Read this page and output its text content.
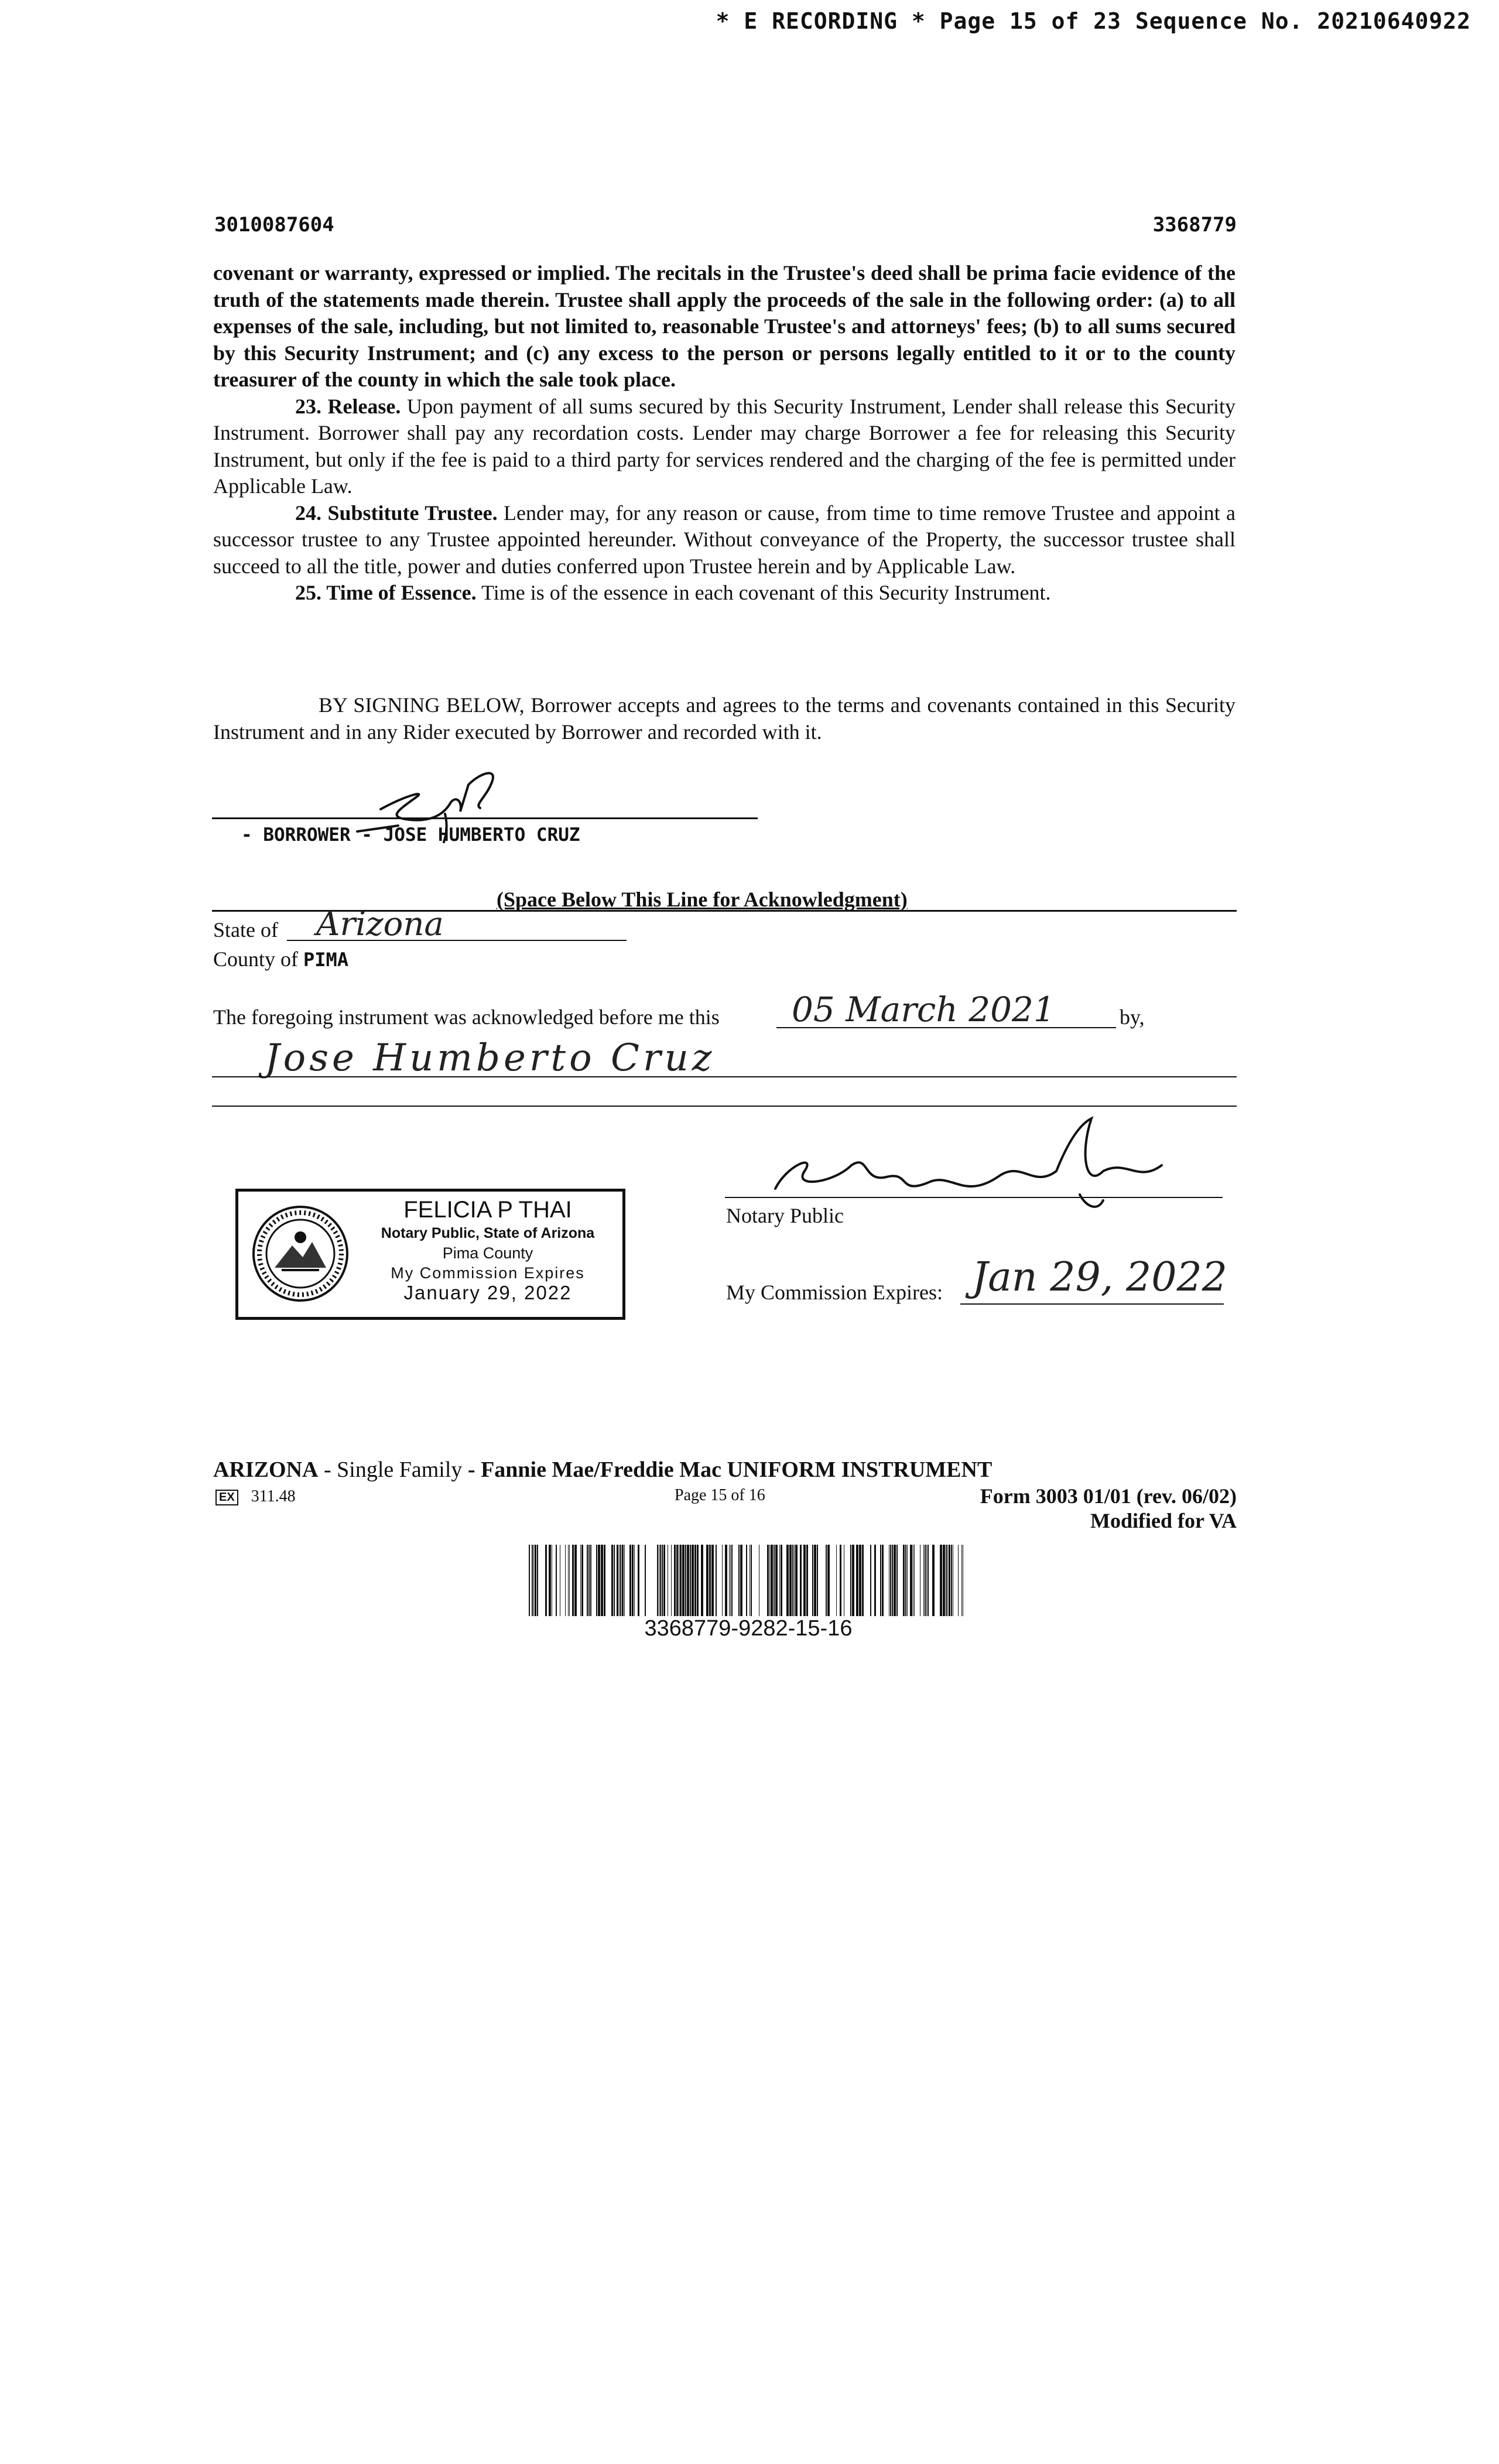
* E RECORDING * Page 15 of 23 Sequence No. 20210640922
3010087604	3368779

covenant or warranty, expressed or implied. The recitals in the Trustee's deed shall be prima facie evidence of the truth of the statements made therein. Trustee shall apply the proceeds of the sale in the following order: (a) to all expenses of the sale, including, but not limited to, reasonable Trustee's and attorneys' fees; (b) to all sums secured by this Security Instrument; and (c) any excess to the person or persons legally entitled to it or to the county treasurer of the county in which the sale took place.

23. Release. Upon payment of all sums secured by this Security Instrument, Lender shall release this Security Instrument. Borrower shall pay any recordation costs. Lender may charge Borrower a fee for releasing this Security Instrument, but only if the fee is paid to a third party for services rendered and the charging of the fee is permitted under Applicable Law.

24. Substitute Trustee. Lender may, for any reason or cause, from time to time remove Trustee and appoint a successor trustee to any Trustee appointed hereunder. Without conveyance of the Property, the successor trustee shall succeed to all the title, power and duties conferred upon Trustee herein and by Applicable Law.

25. Time of Essence. Time is of the essence in each covenant of this Security Instrument.

BY SIGNING BELOW, Borrower accepts and agrees to the terms and covenants contained in this Security Instrument and in any Rider executed by Borrower and recorded with it.

- BORROWER - JOSE HUMBERTO CRUZ
(Space Below This Line for Acknowledgment)
State of Arizona
County of PIMA
The foregoing instrument was acknowledged before me this 05 March 2021	by,
Jose Humberto Cruz
FELICIA P THAI
Notary Public, State of Arizona
Pima County
My Commission Expires
January 29, 2022
Notary Public
My Commission Expires: Jan 29, 2022
ARIZONA - Single Family - Fannie Mae/Freddie Mac UNIFORM INSTRUMENT
EX 311.48	Page 15 of 16	Form 3003 01/01 (rev. 06/02)
Modified for VA
3368779-9282-15-16
